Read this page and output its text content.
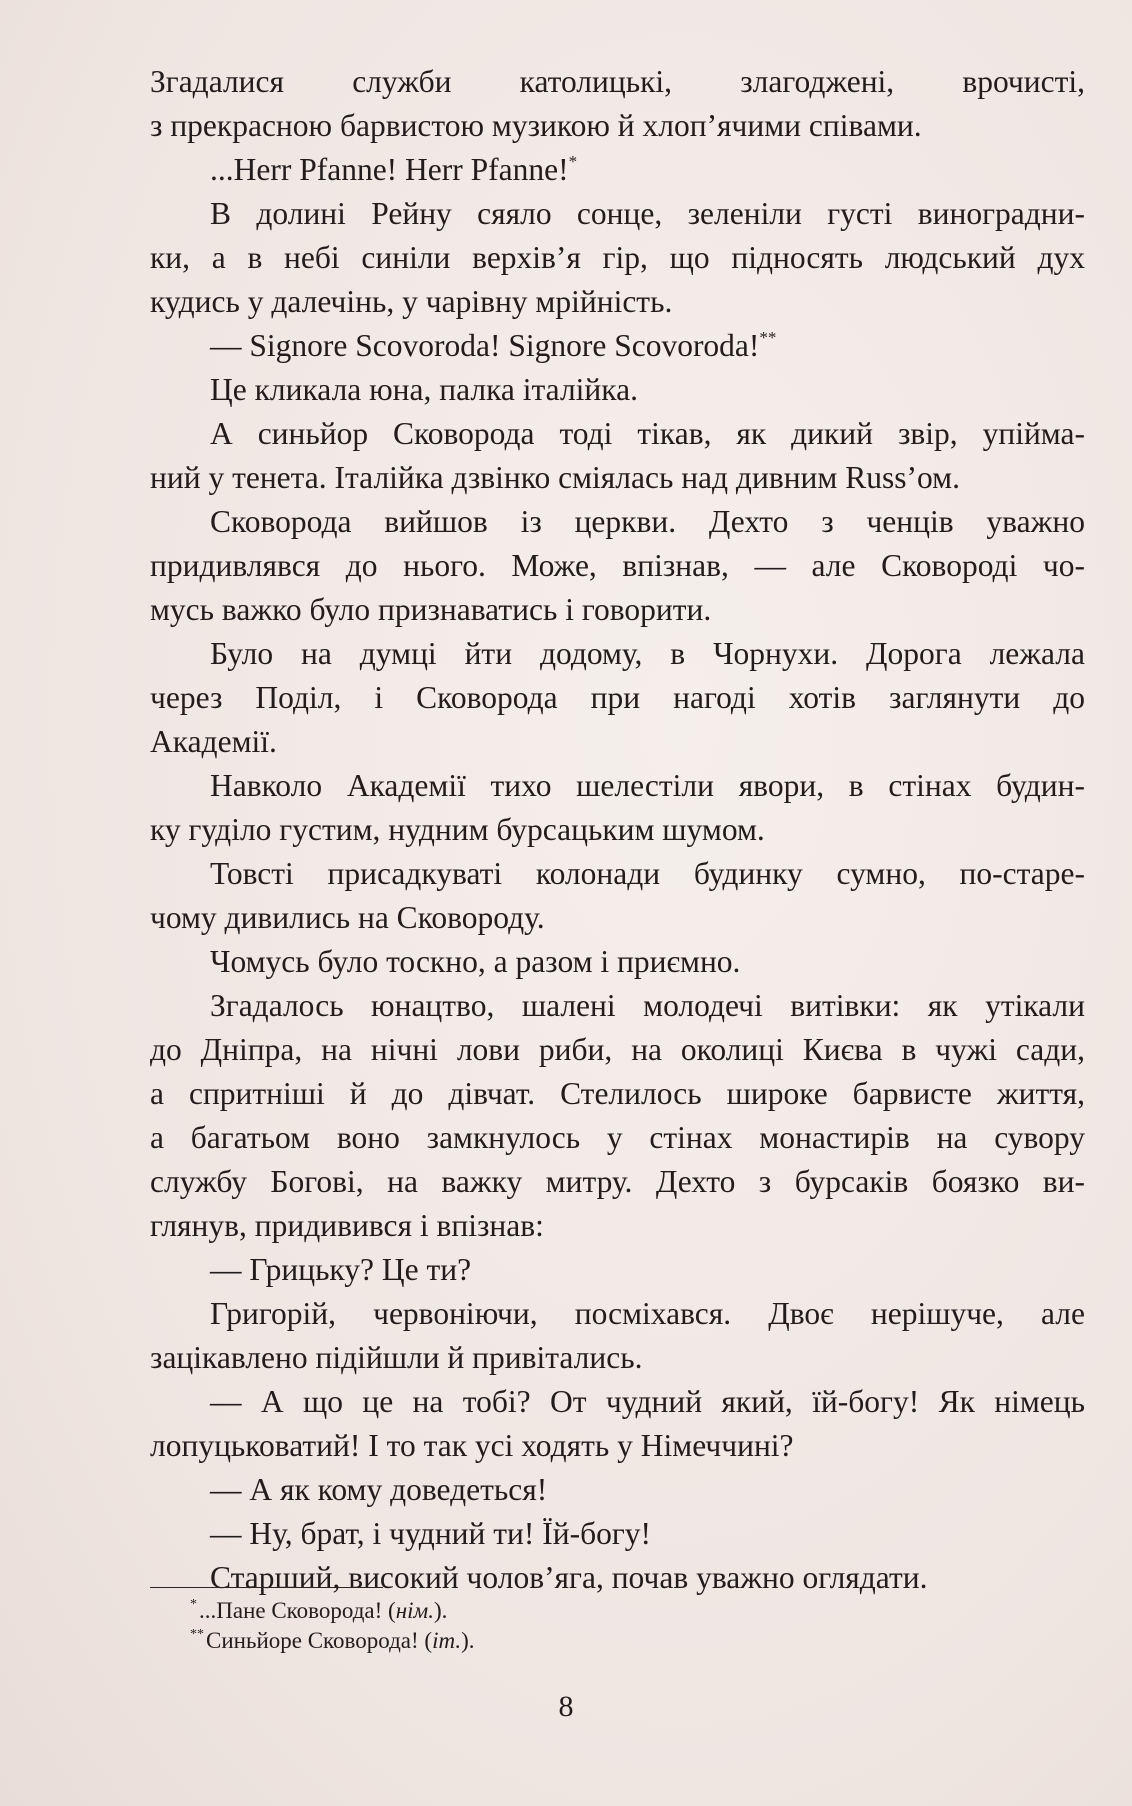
Згадалися служби католицькі, злагоджені, врочисті,
з прекрасною барвистою музикою й хлоп’ячими співами.
...Herr Pfanne! Herr Pfanne!*
В долині Рейну сяяло сонце, зеленіли густі виноградни-
ки, а в небі синіли верхів’я гір, що підносять людський дух
кудись у далечінь, у чарівну мрійність.
— Signore Scovoroda! Signore Scovoroda!**
Це кликала юна, палка італійка.
А синьйор Сковорода тоді тікав, як дикий звір, упійма-
ний у тенета. Італійка дзвінко сміялась над дивним Russ’ом.
Сковорода вийшов із церкви. Дехто з ченців уважно
придивлявся до нього. Може, впізнав, — але Сковороді чо-
мусь важко було признаватись і говорити.
Було на думці йти додому, в Чорнухи. Дорога лежала
через Поділ, і Сковорода при нагоді хотів заглянути до
Академії.
Навколо Академії тихо шелестіли явори, в стінах будин-
ку гуділо густим, нудним бурсацьким шумом.
Товсті присадкуваті колонади будинку сумно, по-старе-
чому дивились на Сковороду.
Чомусь було тоскно, а разом і приємно.
Згадалось юнацтво, шалені молодечі витівки: як утікали
до Дніпра, на нічні лови риби, на околиці Києва в чужі сади,
а спритніші й до дівчат. Стелилось широке барвисте життя,
а багатьом воно замкнулось у стінах монастирів на сувору
службу Богові, на важку митру. Дехто з бурсаків боязко ви-
глянув, придивився і впізнав:
— Грицьку? Це ти?
Григорій, червоніючи, посміхався. Двоє нерішуче, але
зацікавлено підійшли й привітались.
— А що це на тобі? От чудний який, їй-богу! Як німець
лопуцьковатий! І то так усі ходять у Німеччині?
— А як кому доведеться!
— Ну, брат, і чудний ти! Їй-богу!
Старший, високий чолов’яга, почав уважно оглядати.
*...Пане Сковорода! (нім.).
**Синьйоре Сковорода! (іт.).
8
